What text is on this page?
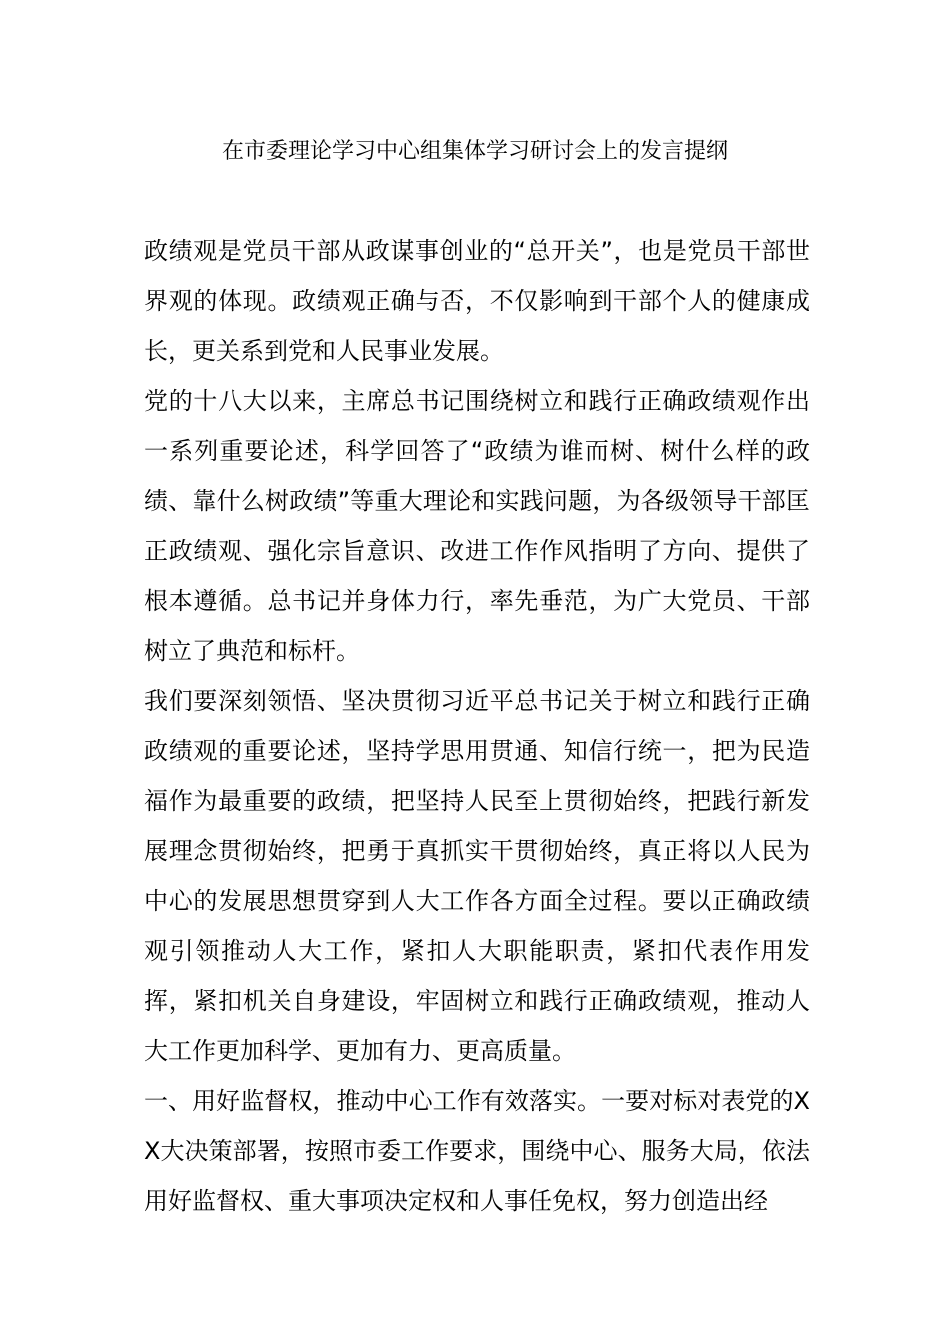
在市委理论学习中心组集体学习研讨会上的发言提纲

政绩观是党员干部从政谋事创业的“总开关”，也是党员干部世界观的体现。政绩观正确与否，不仅影响到干部个人的健康成长，更关系到党和人民事业发展。

党的十八大以来，主席总书记围绕树立和践行正确政绩观作出一系列重要论述，科学回答了“政绩为谁而树、树什么样的政绩、靠什么树政绩”等重大理论和实践问题，为各级领导干部匡正政绩观、强化宗旨意识、改进工作作风指明了方向、提供了根本遵循。总书记并身体力行，率先垂范，为广大党员、干部树立了典范和标杆。

我们要深刻领悟、坚决贯彻习近平总书记关于树立和践行正确政绩观的重要论述，坚持学思用贯通、知信行统一，把为民造福作为最重要的政绩，把坚持人民至上贯彻始终，把践行新发展理念贯彻始终，把勇于真抓实干贯彻始终，真正将以人民为中心的发展思想贯穿到人大工作各方面全过程。要以正确政绩观引领推动人大工作，紧扣人大职能职责，紧扣代表作用发挥，紧扣机关自身建设，牢固树立和践行正确政绩观，推动人大工作更加科学、更加有力、更高质量。

一、用好监督权，推动中心工作有效落实。一要对标对表党的XX大决策部署，按照市委工作要求，围绕中心、服务大局，依法用好监督权、重大事项决定权和人事任免权，努力创造出经
